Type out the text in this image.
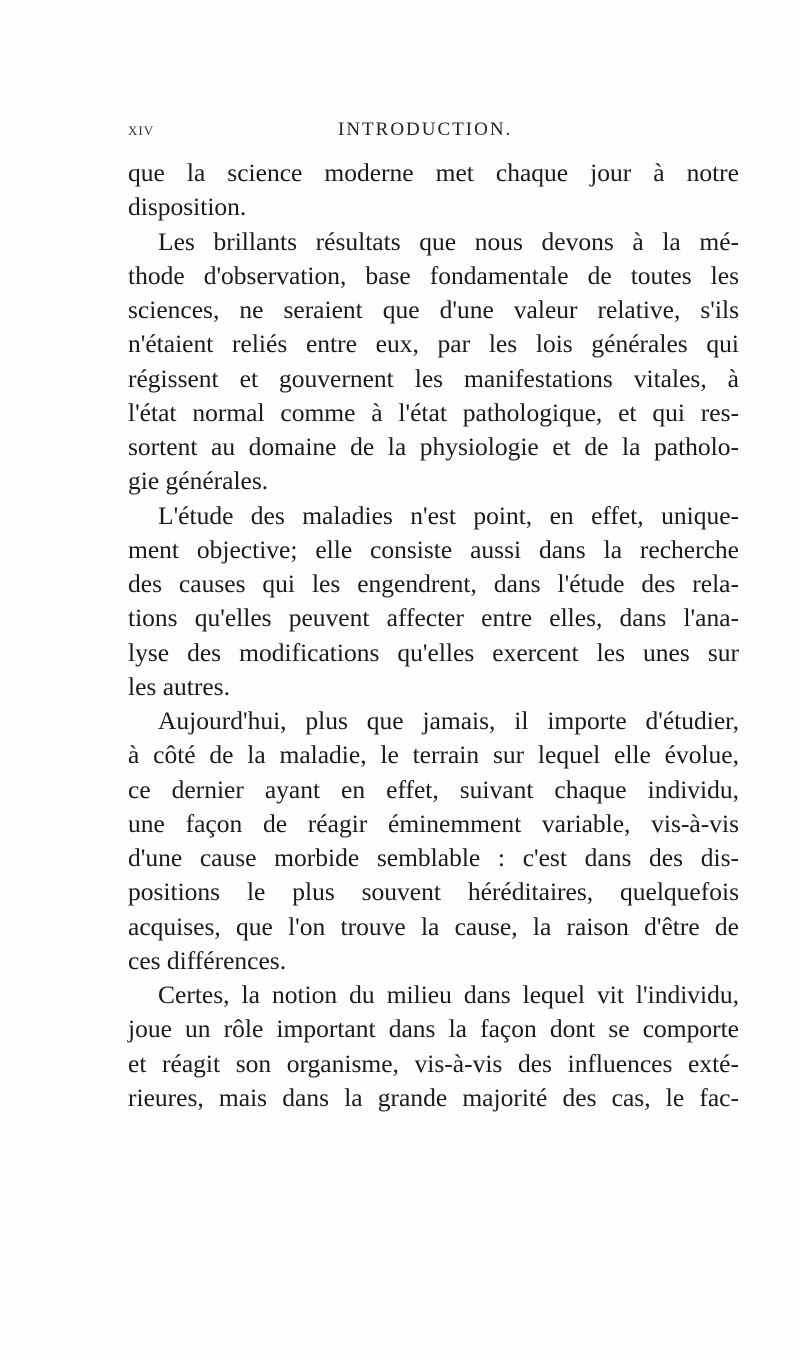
XIV	INTRODUCTION.
que la science moderne met chaque jour à notre
disposition.
Les brillants résultats que nous devons à la mé-
thode d'observation, base fondamentale de toutes les
sciences, ne seraient que d'une valeur relative, s'ils
n'étaient reliés entre eux, par les lois générales qui
régissent et gouvernent les manifestations vitales, à
l'état normal comme à l'état pathologique, et qui res-
sortent au domaine de la physiologie et de la patholo-
gie générales.
L'étude des maladies n'est point, en effet, unique-
ment objective; elle consiste aussi dans la recherche
des causes qui les engendrent, dans l'étude des rela-
tions qu'elles peuvent affecter entre elles, dans l'ana-
lyse des modifications qu'elles exercent les unes sur
les autres.
Aujourd'hui, plus que jamais, il importe d'étudier,
à côté de la maladie, le terrain sur lequel elle évolue,
ce dernier ayant en effet, suivant chaque individu,
une façon de réagir éminemment variable, vis-à-vis
d'une cause morbide semblable : c'est dans des dis-
positions le plus souvent héréditaires, quelquefois
acquises, que l'on trouve la cause, la raison d'être de
ces différences.
Certes, la notion du milieu dans lequel vit l'individu,
joue un rôle important dans la façon dont se comporte
et réagit son organisme, vis-à-vis des influences exté-
rieures, mais dans la grande majorité des cas, le fac-
